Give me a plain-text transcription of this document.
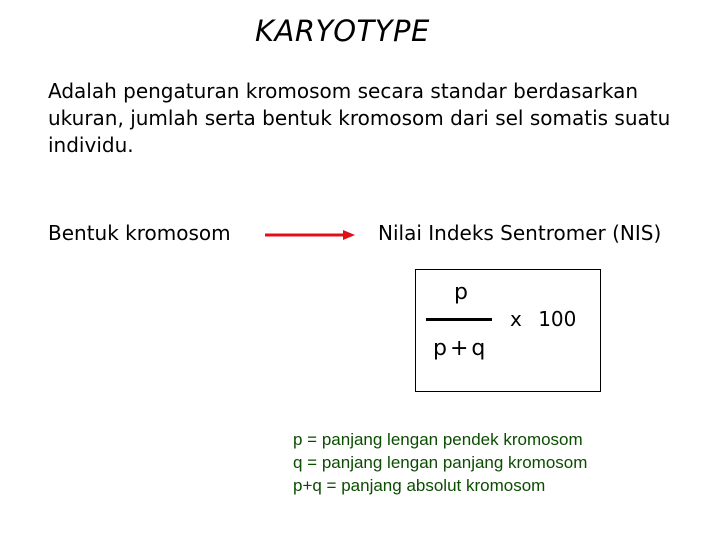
KARYOTYPE
Adalah pengaturan kromosom secara standar berdasarkan ukuran, jumlah serta bentuk kromosom dari sel somatis suatu individu.
Bentuk kromosom	Nilai Indeks Sentromer (NIS)
p
p+q
x 100
p = panjang lengan pendek kromosom
q = panjang lengan panjang kromosom
p+q = panjang absolut kromosom
